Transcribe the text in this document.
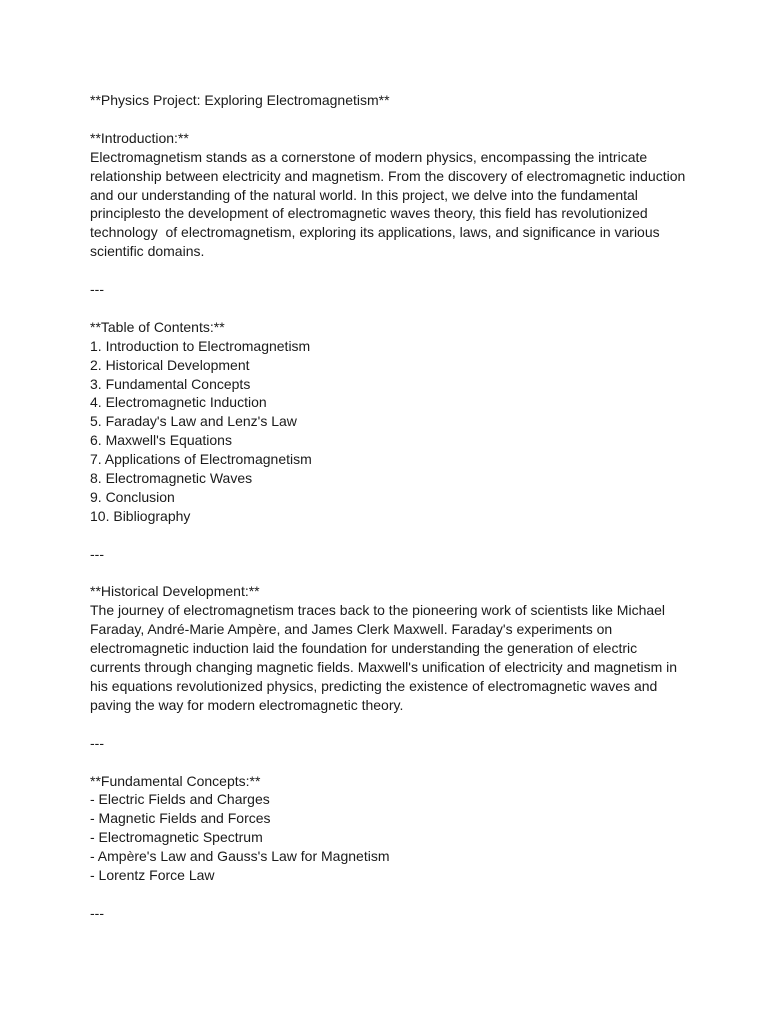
**Physics Project: Exploring Electromagnetism**
**Introduction:**
Electromagnetism stands as a cornerstone of modern physics, encompassing the intricate
relationship between electricity and magnetism. From the discovery of electromagnetic induction
and our understanding of the natural world. In this project, we delve into the fundamental
principlesto the development of electromagnetic waves theory, this field has revolutionized
technology  of electromagnetism, exploring its applications, laws, and significance in various
scientific domains.
---
**Table of Contents:**
1. Introduction to Electromagnetism
2. Historical Development
3. Fundamental Concepts
4. Electromagnetic Induction
5. Faraday's Law and Lenz's Law
6. Maxwell's Equations
7. Applications of Electromagnetism
8. Electromagnetic Waves
9. Conclusion
10. Bibliography
---
**Historical Development:**
The journey of electromagnetism traces back to the pioneering work of scientists like Michael
Faraday, André-Marie Ampère, and James Clerk Maxwell. Faraday's experiments on
electromagnetic induction laid the foundation for understanding the generation of electric
currents through changing magnetic fields. Maxwell's unification of electricity and magnetism in
his equations revolutionized physics, predicting the existence of electromagnetic waves and
paving the way for modern electromagnetic theory.
---
**Fundamental Concepts:**
- Electric Fields and Charges
- Magnetic Fields and Forces
- Electromagnetic Spectrum
- Ampère's Law and Gauss's Law for Magnetism
- Lorentz Force Law
---
